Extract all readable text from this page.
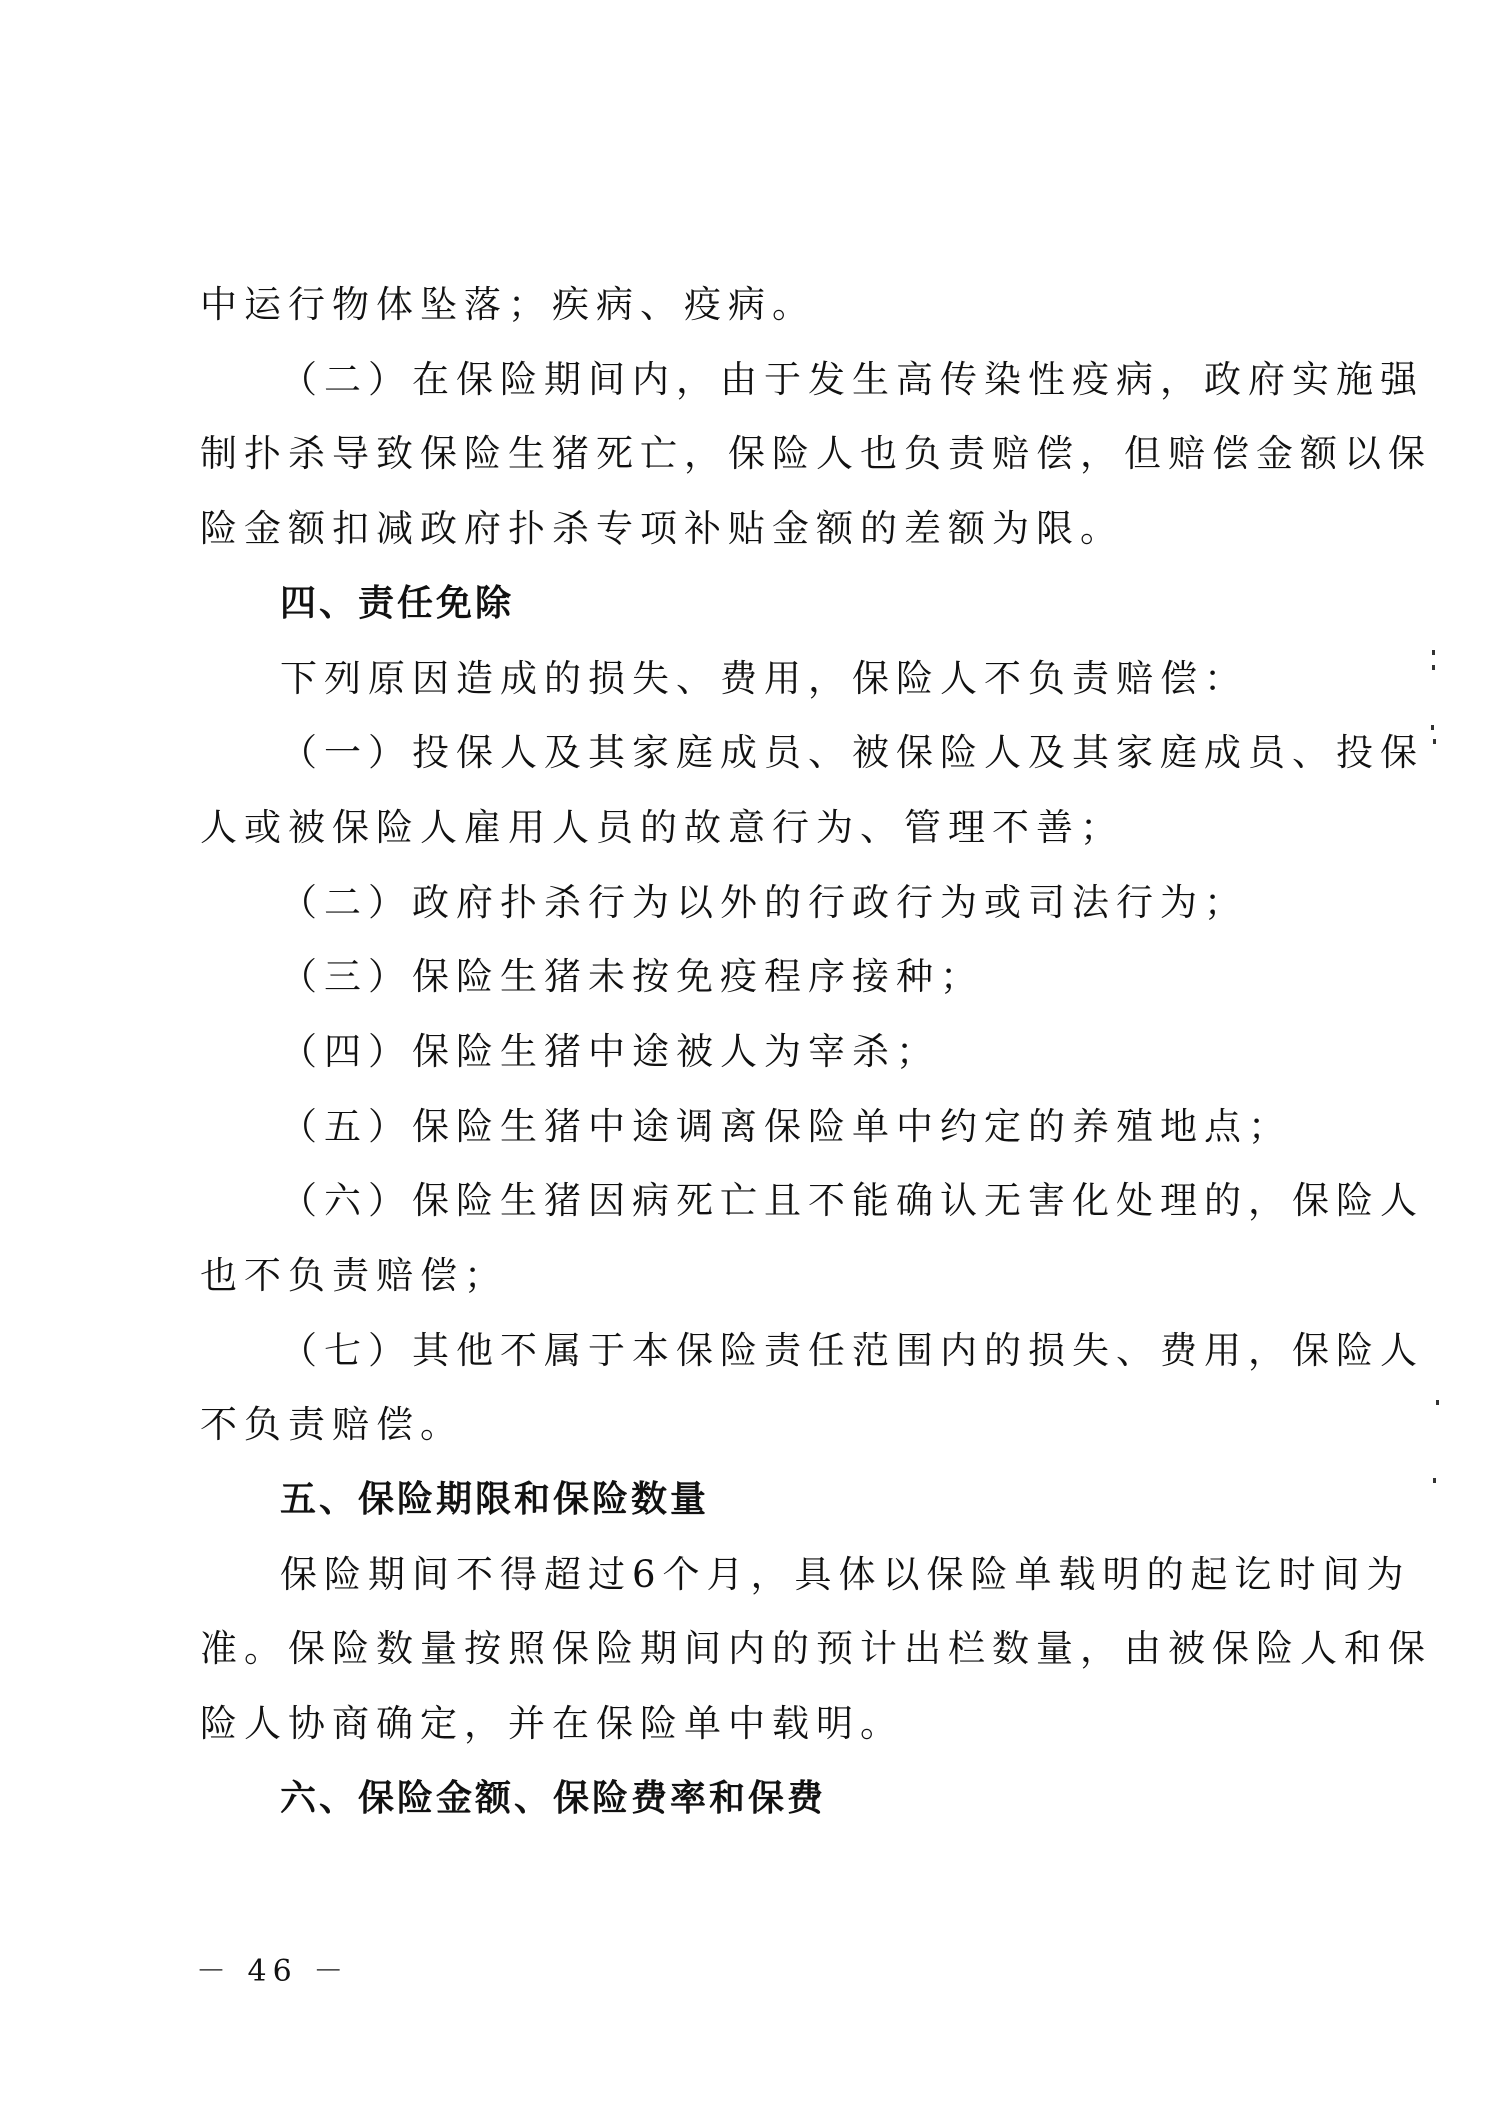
中运行物体坠落；疾病、疫病。
（二）在保险期间内，由于发生高传染性疫病，政府实施强
制扑杀导致保险生猪死亡，保险人也负责赔偿，但赔偿金额以保
险金额扣减政府扑杀专项补贴金额的差额为限。
四、责任免除
下列原因造成的损失、费用，保险人不负责赔偿：
（一）投保人及其家庭成员、被保险人及其家庭成员、投保
人或被保险人雇用人员的故意行为、管理不善；
（二）政府扑杀行为以外的行政行为或司法行为；
（三）保险生猪未按免疫程序接种；
（四）保险生猪中途被人为宰杀；
（五）保险生猪中途调离保险单中约定的养殖地点；
（六）保险生猪因病死亡且不能确认无害化处理的，保险人
也不负责赔偿；
（七）其他不属于本保险责任范围内的损失、费用，保险人
不负责赔偿。
五、保险期限和保险数量
保险期间不得超过6个月，具体以保险单载明的起讫时间为
准。保险数量按照保险期间内的预计出栏数量，由被保险人和保
险人协商确定，并在保险单中载明。
六、保险金额、保险费率和保费
－ 46 －
